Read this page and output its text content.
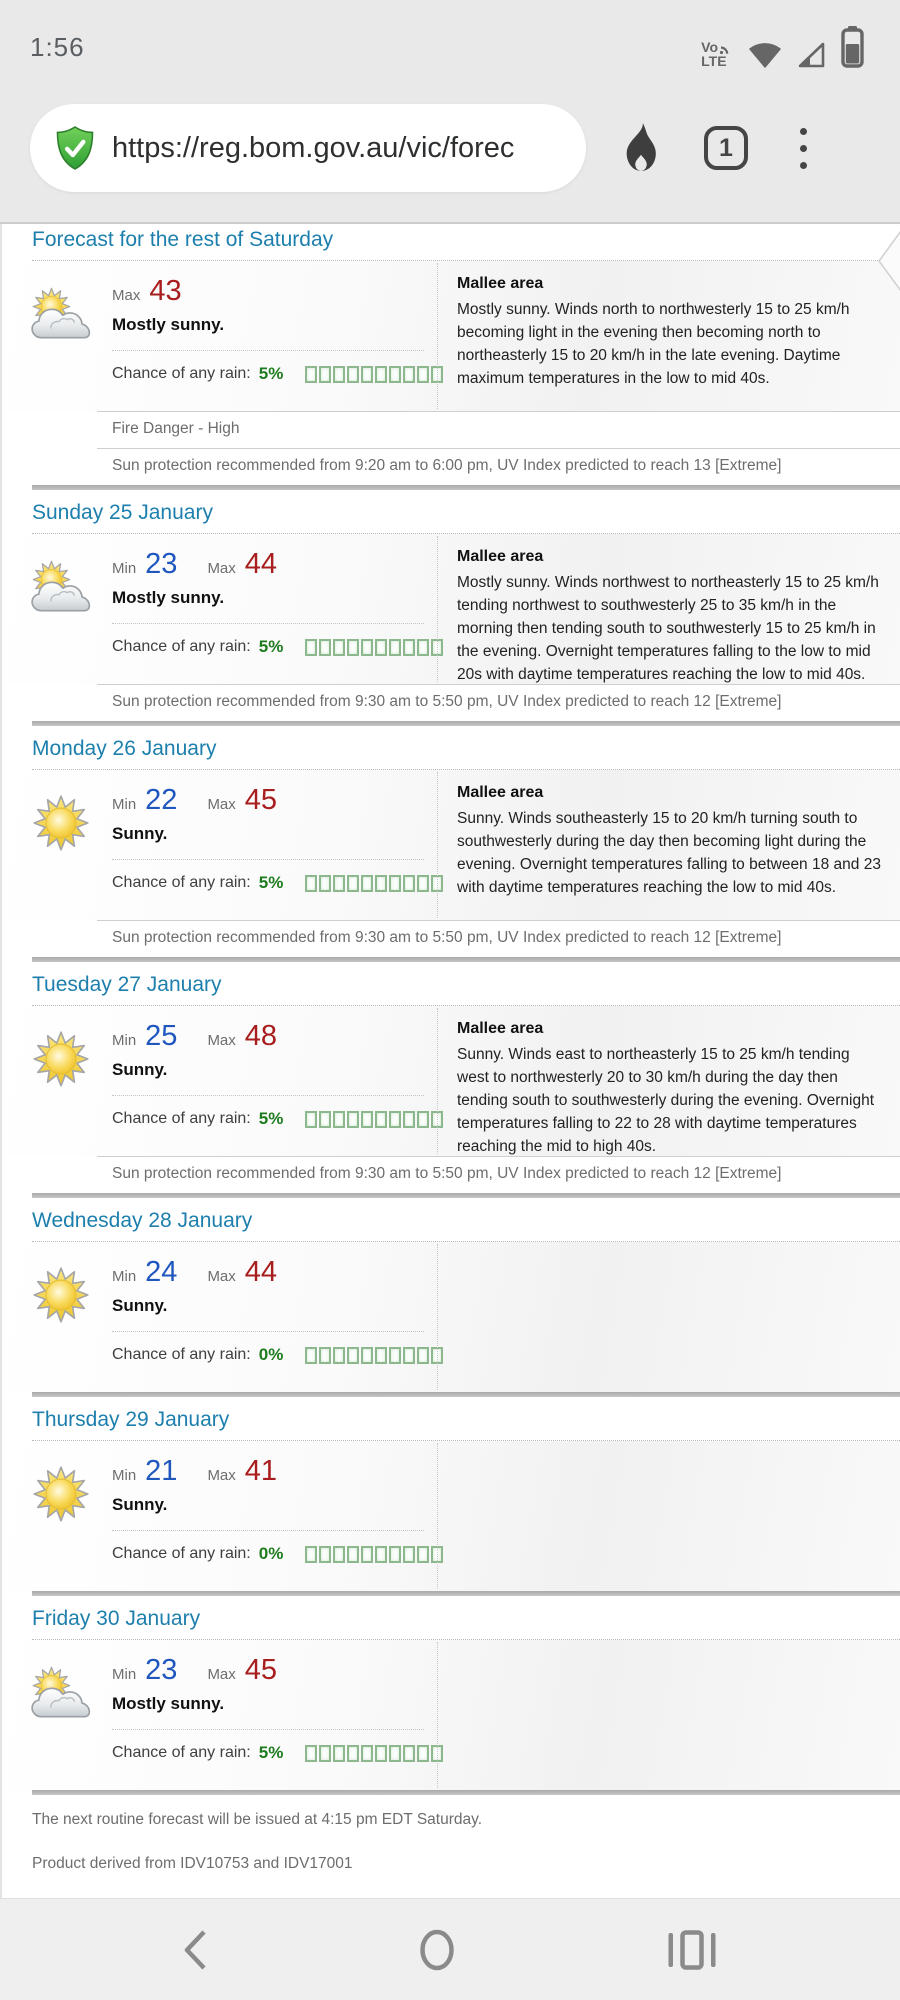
1:56	Vo
LTE
https://reg.bom.gov.au/vic/forec	1
Forecast for the rest of Saturday
Max 43
Mostly sunny.
Chance of any rain: 5%
Mallee area
Mostly sunny. Winds north to northwesterly 15 to 25 km/h becoming light in the evening then becoming north to northeasterly 15 to 20 km/h in the late evening. Daytime maximum temperatures in the low to mid 40s.
Fire Danger - High
Sun protection recommended from 9:20 am to 6:00 pm, UV Index predicted to reach 13 [Extreme]
Sunday 25 January
Min 23 Max 44
Mostly sunny.
Chance of any rain: 5%
Mallee area
Mostly sunny. Winds northwest to northeasterly 15 to 25 km/h tending northwest to southwesterly 25 to 35 km/h in the morning then tending south to southwesterly 15 to 25 km/h in the evening. Overnight temperatures falling to the low to mid 20s with daytime temperatures reaching the low to mid 40s.
Sun protection recommended from 9:30 am to 5:50 pm, UV Index predicted to reach 12 [Extreme]
Monday 26 January
Min 22 Max 45
Sunny.
Chance of any rain: 5%
Mallee area
Sunny. Winds southeasterly 15 to 20 km/h turning south to southwesterly during the day then becoming light during the evening. Overnight temperatures falling to between 18 and 23 with daytime temperatures reaching the low to mid 40s.
Sun protection recommended from 9:30 am to 5:50 pm, UV Index predicted to reach 12 [Extreme]
Tuesday 27 January
Min 25 Max 48
Sunny.
Chance of any rain: 5%
Mallee area
Sunny. Winds east to northeasterly 15 to 25 km/h tending west to northwesterly 20 to 30 km/h during the day then tending south to southwesterly during the evening. Overnight temperatures falling to 22 to 28 with daytime temperatures reaching the mid to high 40s.
Sun protection recommended from 9:30 am to 5:50 pm, UV Index predicted to reach 12 [Extreme]
Wednesday 28 January
Min 24 Max 44
Sunny.
Chance of any rain: 0%
Thursday 29 January
Min 21 Max 41
Sunny.
Chance of any rain: 0%
Friday 30 January
Min 23 Max 45
Mostly sunny.
Chance of any rain: 5%

The next routine forecast will be issued at 4:15 pm EDT Saturday.

Product derived from IDV10753 and IDV17001
